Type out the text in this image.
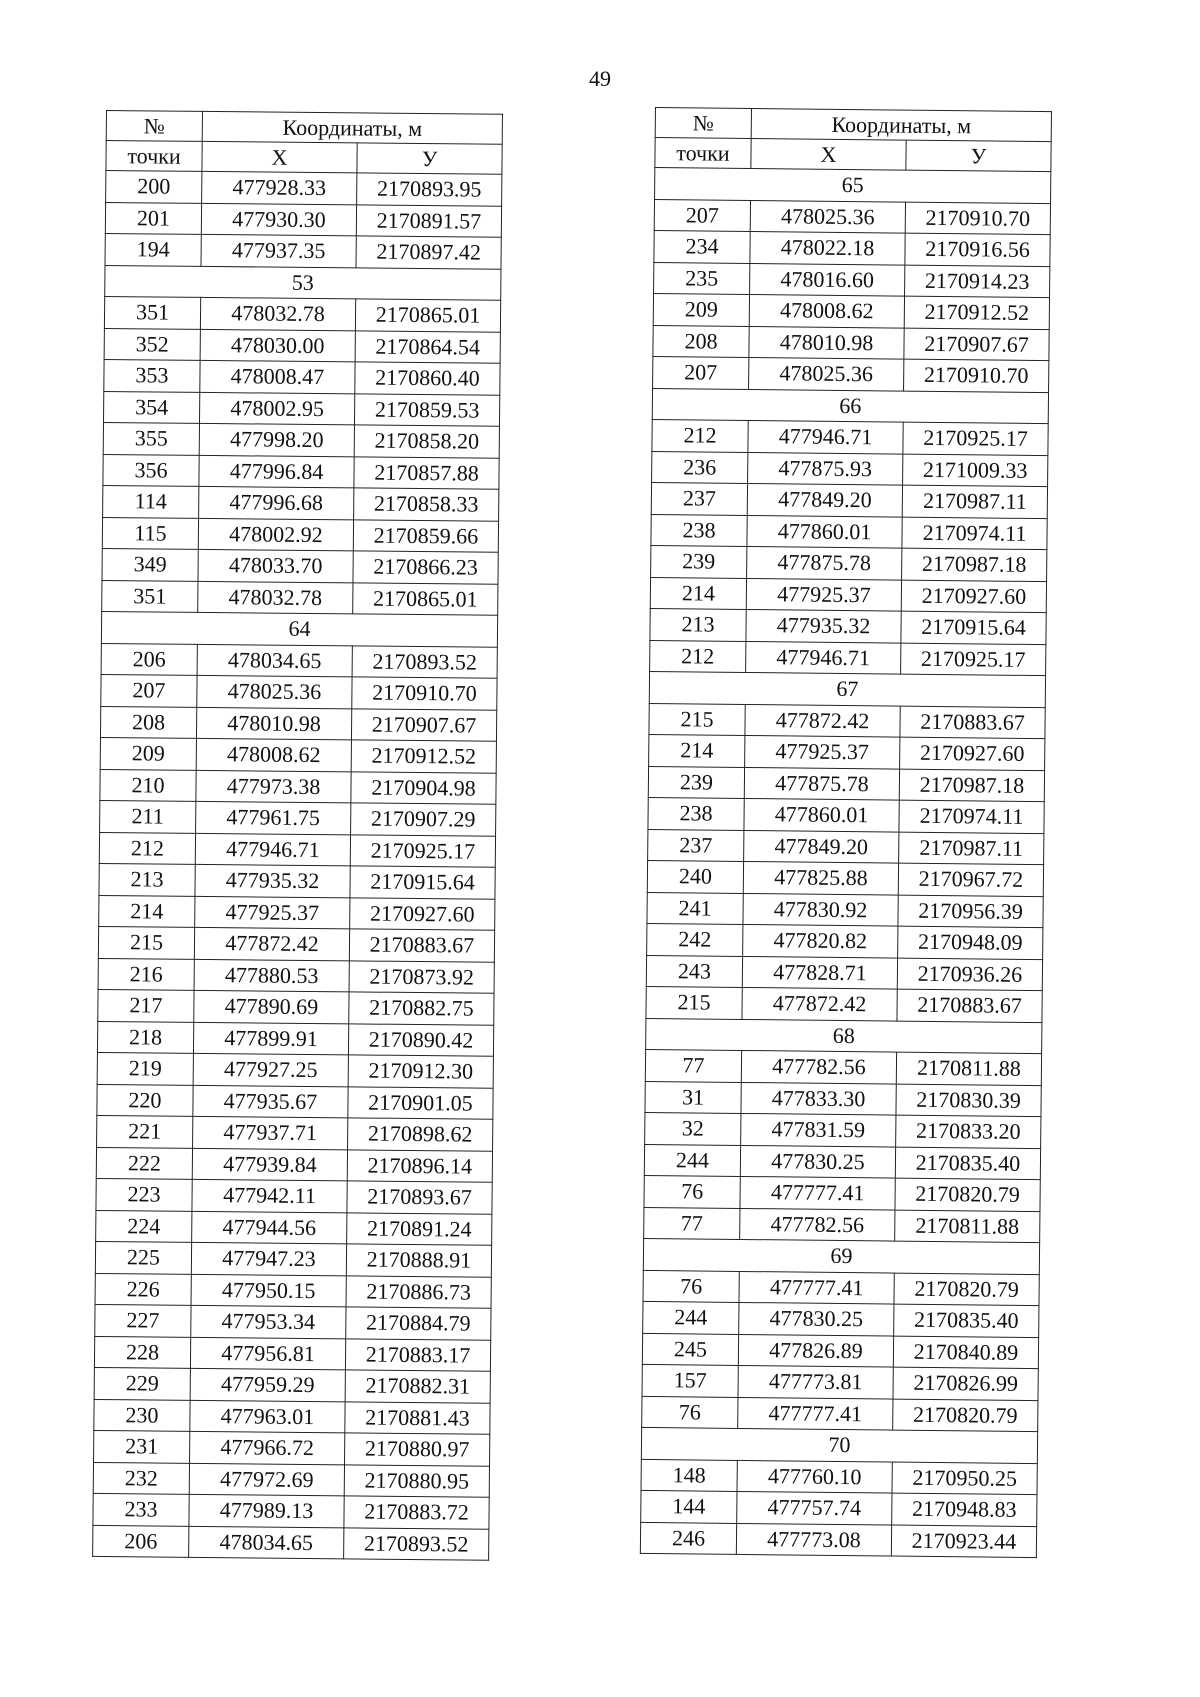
49
№	Координаты, м	
точки	Х	У
200	477928.33	2170893.95
201	477930.30	2170891.57
194	477937.35	2170897.42
53		
351	478032.78	2170865.01
352	478030.00	2170864.54
353	478008.47	2170860.40
354	478002.95	2170859.53
355	477998.20	2170858.20
356	477996.84	2170857.88
114	477996.68	2170858.33
115	478002.92	2170859.66
349	478033.70	2170866.23
351	478032.78	2170865.01
64		
206	478034.65	2170893.52
207	478025.36	2170910.70
208	478010.98	2170907.67
209	478008.62	2170912.52
210	477973.38	2170904.98
211	477961.75	2170907.29
212	477946.71	2170925.17
213	477935.32	2170915.64
214	477925.37	2170927.60
215	477872.42	2170883.67
216	477880.53	2170873.92
217	477890.69	2170882.75
218	477899.91	2170890.42
219	477927.25	2170912.30
220	477935.67	2170901.05
221	477937.71	2170898.62
222	477939.84	2170896.14
223	477942.11	2170893.67
224	477944.56	2170891.24
225	477947.23	2170888.91
226	477950.15	2170886.73
227	477953.34	2170884.79
228	477956.81	2170883.17
229	477959.29	2170882.31
230	477963.01	2170881.43
231	477966.72	2170880.97
232	477972.69	2170880.95
233	477989.13	2170883.72
206	478034.65	2170893.52
№	Координаты, м	
точки	Х	У
65		
207	478025.36	2170910.70
234	478022.18	2170916.56
235	478016.60	2170914.23
209	478008.62	2170912.52
208	478010.98	2170907.67
207	478025.36	2170910.70
66		
212	477946.71	2170925.17
236	477875.93	2171009.33
237	477849.20	2170987.11
238	477860.01	2170974.11
239	477875.78	2170987.18
214	477925.37	2170927.60
213	477935.32	2170915.64
212	477946.71	2170925.17
67		
215	477872.42	2170883.67
214	477925.37	2170927.60
239	477875.78	2170987.18
238	477860.01	2170974.11
237	477849.20	2170987.11
240	477825.88	2170967.72
241	477830.92	2170956.39
242	477820.82	2170948.09
243	477828.71	2170936.26
215	477872.42	2170883.67
68		
77	477782.56	2170811.88
31	477833.30	2170830.39
32	477831.59	2170833.20
244	477830.25	2170835.40
76	477777.41	2170820.79
77	477782.56	2170811.88
69		
76	477777.41	2170820.79
244	477830.25	2170835.40
245	477826.89	2170840.89
157	477773.81	2170826.99
76	477777.41	2170820.79
70		
148	477760.10	2170950.25
144	477757.74	2170948.83
246	477773.08	2170923.44
